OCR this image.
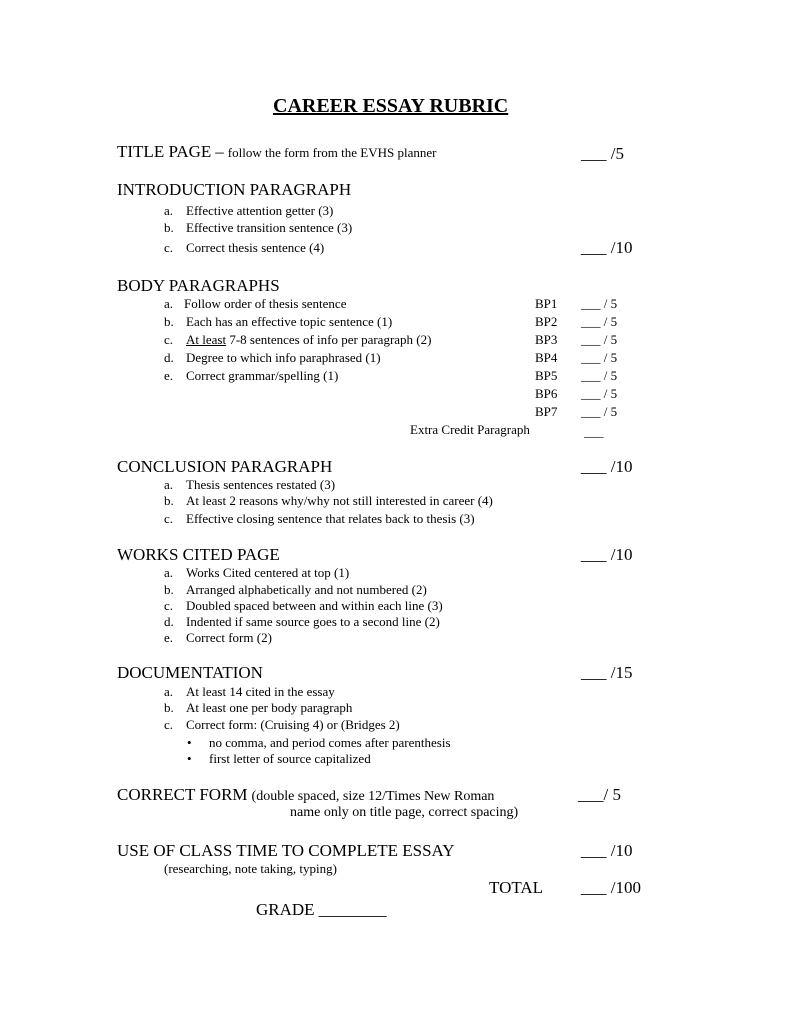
CAREER ESSAY RUBRIC
TITLE PAGE – follow the form from the EVHS planner	___ /5
INTRODUCTION PARAGRAPH
a. Effective attention getter (3)
b. Effective transition sentence (3)
c. Correct thesis sentence (4)	___ /10
BODY PARAGRAPHS
a. Follow order of thesis sentence
b. Each has an effective topic sentence (1)
c. At least 7-8 sentences of info per paragraph (2)
d. Degree to which info paraphrased (1)
e. Correct grammar/spelling (1)
BP1 ___ / 5
BP2 ___ / 5
BP3 ___ / 5
BP4 ___ / 5
BP5 ___ / 5
BP6 ___ / 5
BP7 ___ / 5
Extra Credit Paragraph	___
CONCLUSION PARAGRAPH	___ /10
a. Thesis sentences restated (3)
b. At least 2 reasons why/why not still interested in career (4)
c. Effective closing sentence that relates back to thesis (3)
WORKS CITED PAGE	___ /10
a. Works Cited centered at top (1)
b. Arranged alphabetically and not numbered (2)
c. Doubled spaced between and within each line (3)
d. Indented if same source goes to a second line (2)
e. Correct form (2)
DOCUMENTATION	___ /15
a. At least 14 cited in the essay
b. At least one per body paragraph
c. Correct form: (Cruising 4) or (Bridges 2)
• no comma, and period comes after parenthesis
• first letter of source capitalized
CORRECT FORM (double spaced, size 12/Times New Roman
name only on title page, correct spacing)
___/ 5
USE OF CLASS TIME TO COMPLETE ESSAY	___ /10
(researching, note taking, typing)
TOTAL ___ /100
GRADE ________
